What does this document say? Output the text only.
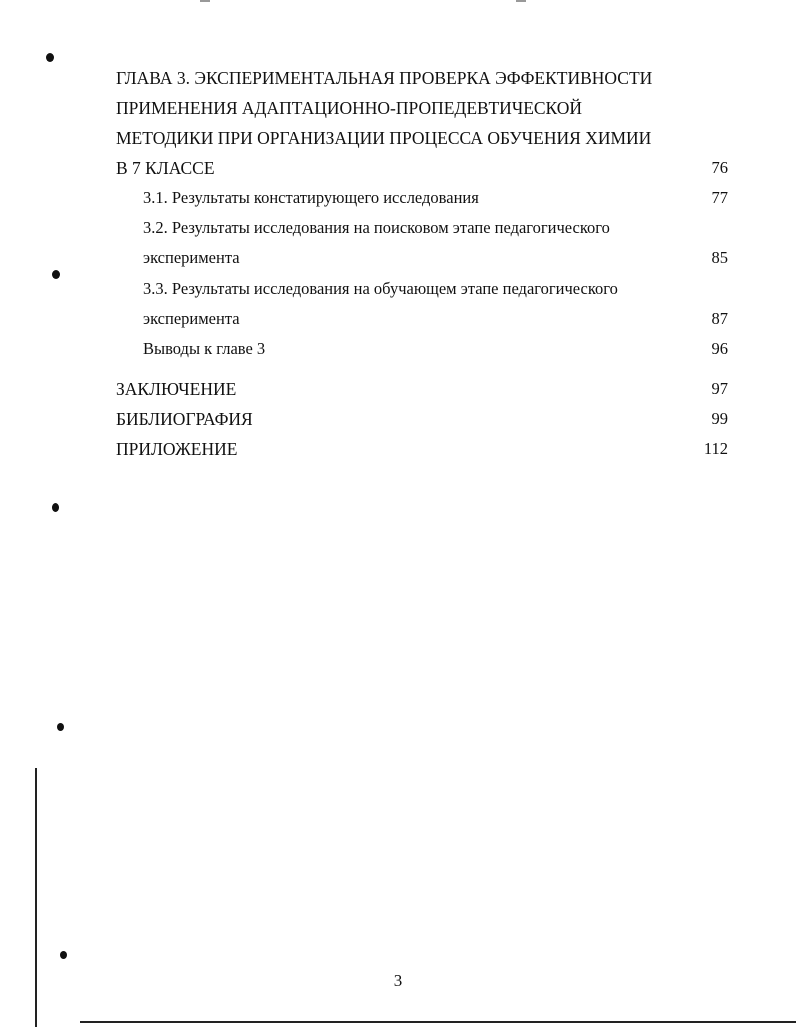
ГЛАВА 3. ЭКСПЕРИМЕНТАЛЬНАЯ ПРОВЕРКА ЭФФЕКТИВНОСТИ
ПРИМЕНЕНИЯ АДАПТАЦИОННО-ПРОПЕДЕВТИЧЕСКОЙ
МЕТОДИКИ ПРИ ОРГАНИЗАЦИИ ПРОЦЕССА ОБУЧЕНИЯ ХИМИИ
В 7 КЛАССЕ	76
3.1. Результаты констатирующего исследования	77
3.2. Результаты исследования на поисковом этапе педагогического
эксперимента	85
3.3. Результаты исследования на обучающем этапе педагогического
эксперимента	87
Выводы к главе 3	96
ЗАКЛЮЧЕНИЕ	97
БИБЛИОГРАФИЯ	99
ПРИЛОЖЕНИЕ	112
3
